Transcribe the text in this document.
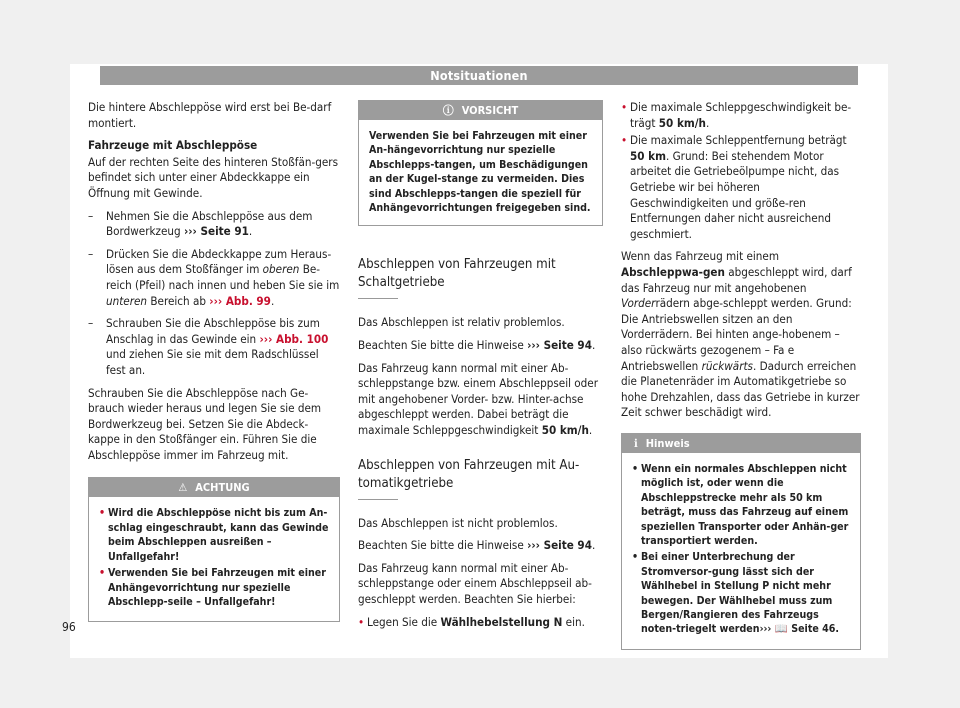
Notsituationen

Die hintere Abschleppöse wird erst bei Be-darf montiert.

Fahrzeuge mit Abschleppöse

Auf der rechten Seite des hinteren Stoßfän-gers befindet sich unter einer Abdeckkappe ein Öffnung mit Gewinde.

– Nehmen Sie die Abschleppöse aus dem Bordwerkzeug ››› Seite 91.
– Drücken Sie die Abdeckkappe zum Heraus-lösen aus dem Stoßfänger im oberen Be-reich (Pfeil) nach innen und heben Sie sie im unteren Bereich ab ››› Abb. 99.
– Schrauben Sie die Abschleppöse bis zum Anschlag in das Gewinde ein ››› Abb. 100 und ziehen Sie sie mit dem Radschlüssel fest an.

Schrauben Sie die Abschleppöse nach Ge-brauch wieder heraus und legen Sie sie dem Bordwerkzeug bei. Setzen Sie die Abdeck-kappe in den Stoßfänger ein. Führen Sie die Abschleppöse immer im Fahrzeug mit.

⚠ ACHTUNG
• Wird die Abschleppöse nicht bis zum An-schlag eingeschraubt, kann das Gewinde beim Abschleppen ausreißen – Unfallgefahr!
• Verwenden Sie bei Fahrzeugen mit einer Anhängevorrichtung nur spezielle Abschlepp-seile – Unfallgefahr!
ⓘ VORSICHT
Verwenden Sie bei Fahrzeugen mit einer An-hängevorrichtung nur spezielle Abschlepps-tangen, um Beschädigungen an der Kugel-stange zu vermeiden. Dies sind Abschlepps-tangen die speziell für Anhängevorrichtungen freigegeben sind.
Abschleppen von Fahrzeugen mit Schaltgetriebe

Das Abschleppen ist relativ problemlos.

Beachten Sie bitte die Hinweise ››› Seite 94.

Das Fahrzeug kann normal mit einer Ab-schleppstange bzw. einem Abschleppseil oder mit angehobener Vorder- bzw. Hinter-achse abgeschleppt werden. Dabei beträgt die maximale Schleppgeschwindigkeit 50 km/h.

Abschleppen von Fahrzeugen mit Au-tomatikgetriebe

Das Abschleppen ist nicht problemlos.

Beachten Sie bitte die Hinweise ››› Seite 94.

Das Fahrzeug kann normal mit einer Ab-schleppstange oder einem Abschleppseil ab-geschleppt werden. Beachten Sie hierbei:

• Legen Sie die Wählhebelstellung N ein.
• Die maximale Schleppgeschwindigkeit be-trägt 50 km/h.
• Die maximale Schleppentfernung beträgt 50 km. Grund: Bei stehendem Motor arbeitet die Getriebeölpumpe nicht, das Getriebe wir bei höheren Geschwindigkeiten und größe-ren Entfernungen daher nicht ausreichend geschmiert.

Wenn das Fahrzeug mit einem Abschleppwa-gen abgeschleppt wird, darf das Fahrzeug nur mit angehobenen Vorderrädern abge-schleppt werden. Grund: Die Antriebswellen sitzen an den Vorderrädern. Bei hinten ange-hobenem – also rückwärts gezogenem – Fa e Antriebswellen rückwärts. Dadurch erreichen die Planetenräder im Automatikgetriebe so hohe Drehzahlen, dass das Getriebe in kurzer Zeit schwer beschädigt wird.

ℹ Hinweis
• Wenn ein normales Abschleppen nicht möglich ist, oder wenn die Abschleppstrecke mehr als 50 km beträgt, muss das Fahrzeug auf einem speziellen Transporter oder Anhän-ger transportiert werden.
• Bei einer Unterbrechung der Stromversor-gung lässt sich der Wählhebel in Stellung P nicht mehr bewegen. Der Wählhebel muss zum Bergen/Rangieren des Fahrzeugs noten-triegelt werden››› 📖 Seite 46.
96
